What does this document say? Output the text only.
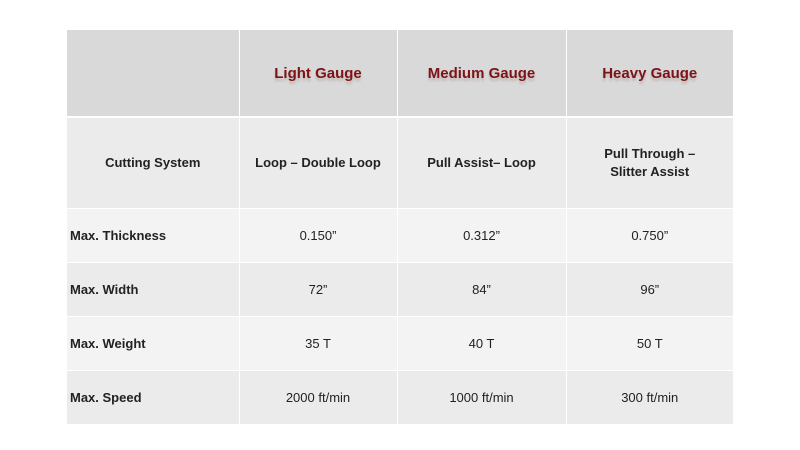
	Light Gauge	Medium Gauge	Heavy Gauge
Cutting System	Loop – Double Loop	Pull Assist– Loop	Pull Through –
Slitter Assist
Max. Thickness	0.150”	0.312”	0.750”
Max. Width	72”	84”	96”
Max. Weight	35 T	40 T	50 T
Max. Speed	2000 ft/min	1000 ft/min	300 ft/min
